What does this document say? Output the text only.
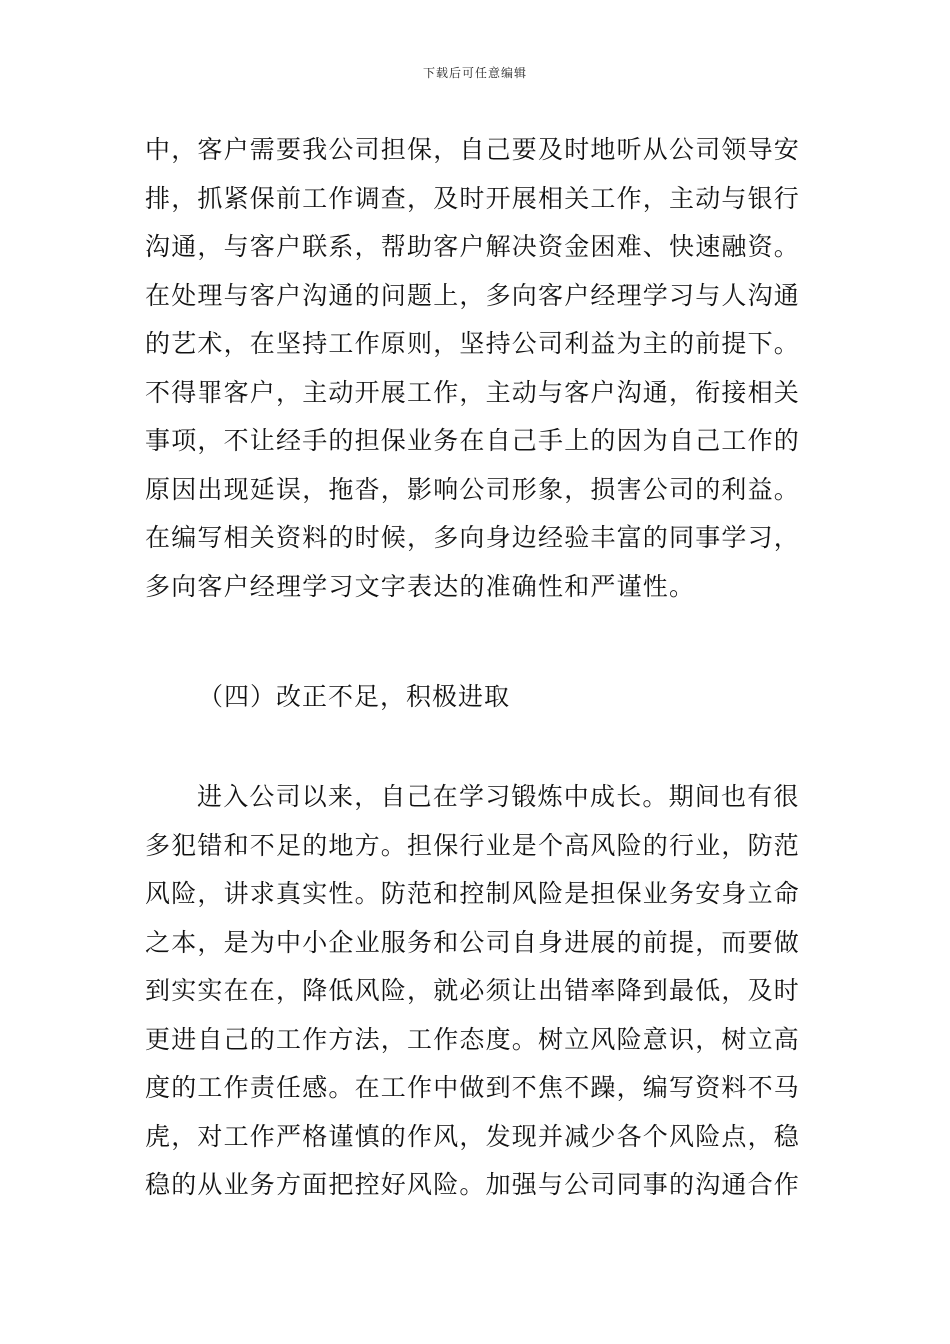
下载后可任意编辑
中，客户需要我公司担保，自己要及时地听从公司领导安
排，抓紧保前工作调查，及时开展相关工作，主动与银行
沟通，与客户联系，帮助客户解决资金困难、快速融资。
在处理与客户沟通的问题上，多向客户经理学习与人沟通
的艺术，在坚持工作原则，坚持公司利益为主的前提下。
不得罪客户，主动开展工作，主动与客户沟通，衔接相关
事项，不让经手的担保业务在自己手上的因为自己工作的
原因出现延误，拖沓，影响公司形象，损害公司的利益。
在编写相关资料的时候，多向身边经验丰富的同事学习，
多向客户经理学习文字表达的准确性和严谨性。
（四）改正不足，积极进取
进入公司以来，自己在学习锻炼中成长。期间也有很
多犯错和不足的地方。担保行业是个高风险的行业，防范
风险，讲求真实性。防范和控制风险是担保业务安身立命
之本，是为中小企业服务和公司自身进展的前提，而要做
到实实在在，降低风险，就必须让出错率降到最低，及时
更进自己的工作方法，工作态度。树立风险意识，树立高
度的工作责任感。在工作中做到不焦不躁，编写资料不马
虎，对工作严格谨慎的作风，发现并减少各个风险点，稳
稳的从业务方面把控好风险。加强与公司同事的沟通合作
